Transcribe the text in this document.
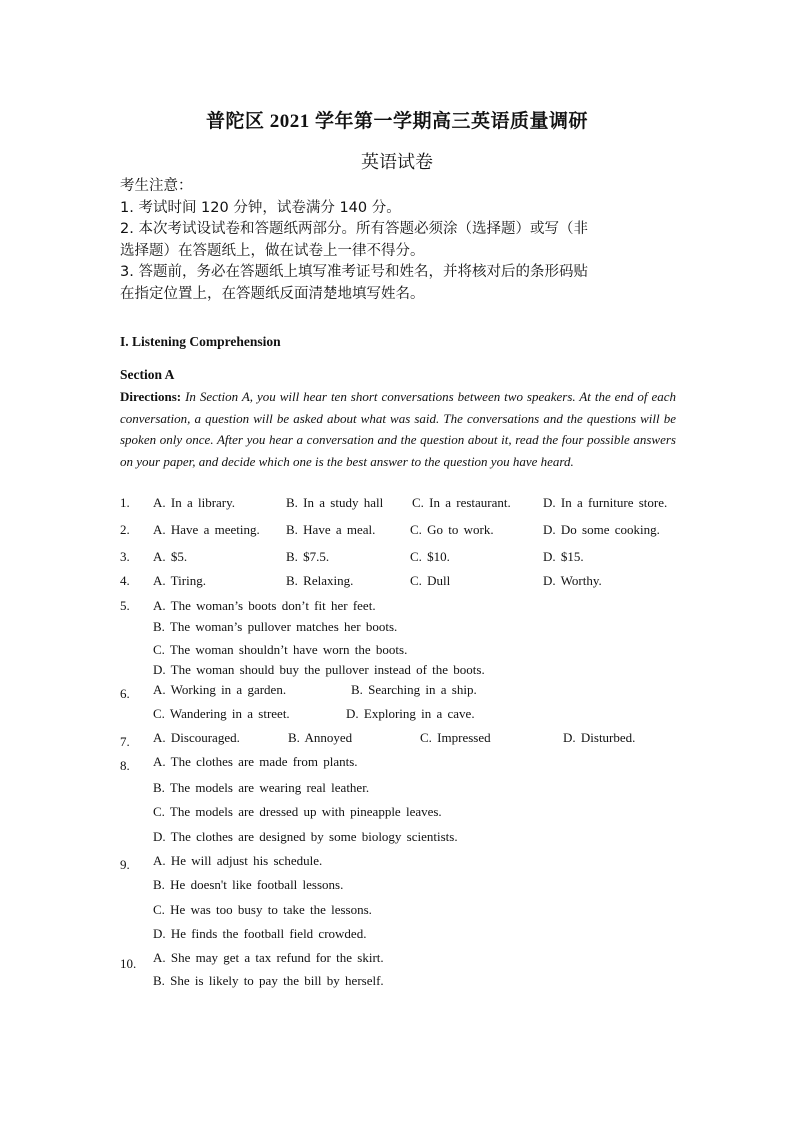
普陀区 2021 学年第一学期高三英语质量调研
英语试卷
考生注意：
1. 考试时间 120 分钟，试卷满分 140 分。
2. 本次考试设试卷和答题纸两部分。所有答题必须涂（选择题）或写（非
选择题）在答题纸上，做在试卷上一律不得分。
3. 答题前，务必在答题纸上填写准考证号和姓名，并将核对后的条形码贴
在指定位置上，在答题纸反面清楚地填写姓名。
I. Listening Comprehension
Section A
Directions: In Section A, you will hear ten short conversations between two speakers. At the end of each conversation, a question will be asked about what was said. The conversations and the questions will be spoken only once. After you hear a conversation and the question about it, read the four possible answers on your paper, and decide which one is the best answer to the question you have heard.
1. A. In a library.	B. In a study hall C. In a restaurant. D. In a furniture store.
2. A. Have a meeting. B. Have a meal.	C. Go to work.	D. Do some cooking.
3. A. $5.	B. $7.5.	C. $10.	D. $15.
4. A. Tiring.	B. Relaxing.	C. Dull	D. Worthy.
5. A. The woman’s boots don’t fit her feet.
B. The woman’s pullover matches her boots.
C. The woman shouldn’t have worn the boots.
D. The woman should buy the pullover instead of the boots.
6. A. Working in a garden.	B. Searching in a ship.
C. Wandering in a street.	D. Exploring in a cave.
7. A. Discouraged.	B. Annoyed	C. Impressed	D. Disturbed.
8. A. The clothes are made from plants.
B. The models are wearing real leather.
C. The models are dressed up with pineapple leaves.
D. The clothes are designed by some biology scientists.
9. A. He will adjust his schedule.
B. He doesn't like football lessons.
C. He was too busy to take the lessons.
D. He finds the football field crowded.
10. A. She may get a tax refund for the skirt.
B. She is likely to pay the bill by herself.
